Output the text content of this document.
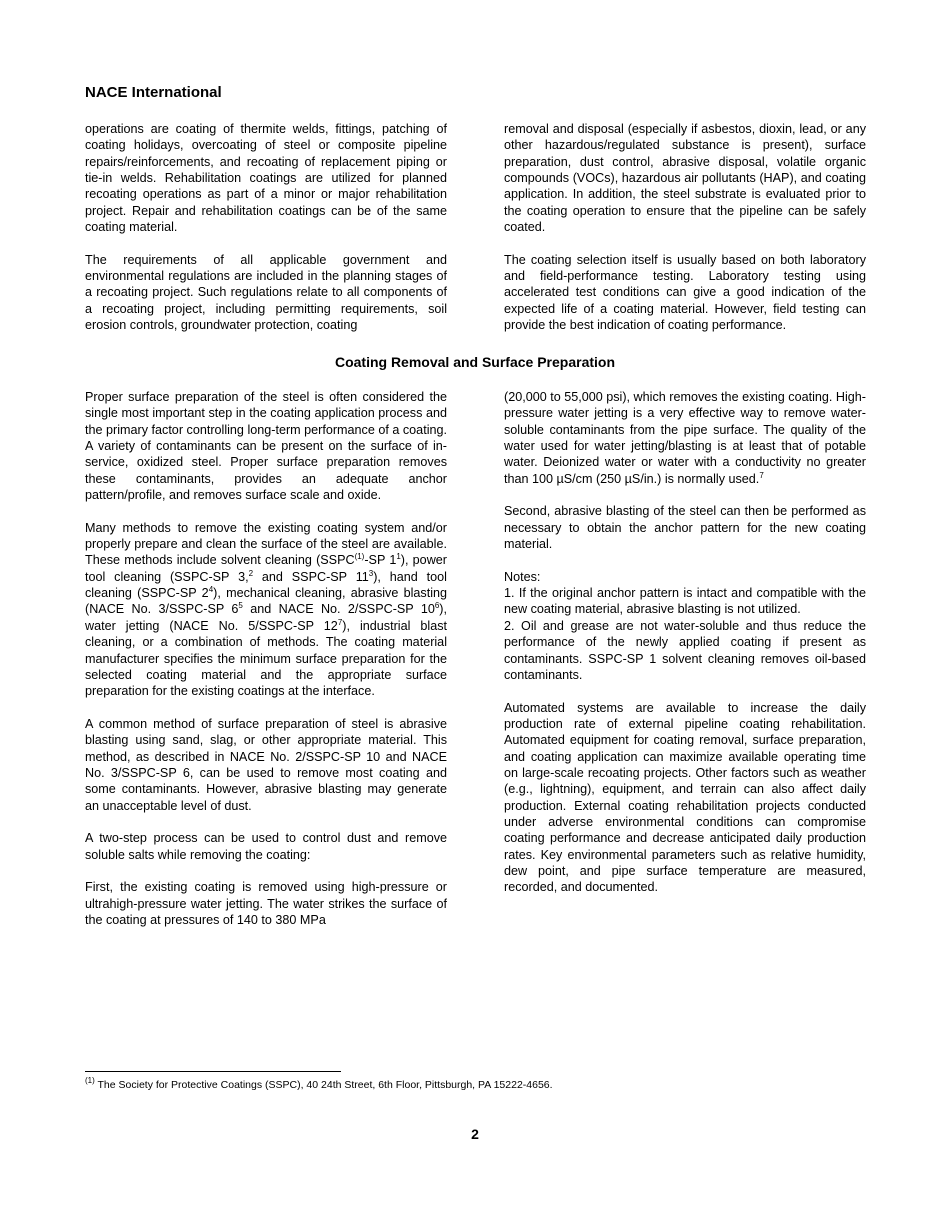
NACE International

operations are coating of thermite welds, fittings, patching of coating holidays, overcoating of steel or composite pipeline repairs/reinforcements, and recoating of replacement piping or tie-in welds. Rehabilitation coatings are utilized for planned recoating operations as part of a minor or major rehabilitation project. Repair and rehabilitation coatings can be of the same coating material.

The requirements of all applicable government and environmental regulations are included in the planning stages of a recoating project. Such regulations relate to all components of a recoating project, including permitting requirements, soil erosion controls, groundwater protection, coating

removal and disposal (especially if asbestos, dioxin, lead, or any other hazardous/regulated substance is present), surface preparation, dust control, abrasive disposal, volatile organic compounds (VOCs), hazardous air pollutants (HAP), and coating application. In addition, the steel substrate is evaluated prior to the coating operation to ensure that the pipeline can be safely coated.

The coating selection itself is usually based on both laboratory and field-performance testing. Laboratory testing using accelerated test conditions can give a good indication of the expected life of a coating material. However, field testing can provide the best indication of coating performance.

Coating Removal and Surface Preparation

Proper surface preparation of the steel is often considered the single most important step in the coating application process and the primary factor controlling long-term performance of a coating. A variety of contaminants can be present on the surface of in-service, oxidized steel. Proper surface preparation removes these contaminants, provides an adequate anchor pattern/profile, and removes surface scale and oxide.

Many methods to remove the existing coating system and/or properly prepare and clean the surface of the steel are available. These methods include solvent cleaning (SSPC$^{(1)}$-SP $1^1$), power tool cleaning (SSPC-SP 3,$^2$ and SSPC-SP $11^3$), hand tool cleaning (SSPC-SP $2^4$), mechanical cleaning, abrasive blasting (NACE No. 3/SSPC-SP $6^5$ and NACE No. 2/SSPC-SP $10^6$), water jetting (NACE No. 5/SSPC-SP $12^7$), industrial blast cleaning, or a combination of methods. The coating material manufacturer specifies the minimum surface preparation for the selected coating material and the appropriate surface preparation for the existing coatings at the interface.

A common method of surface preparation of steel is abrasive blasting using sand, slag, or other appropriate material. This method, as described in NACE No. 2/SSPC-SP 10 and NACE No. 3/SSPC-SP 6, can be used to remove most coating and some contaminants. However, abrasive blasting may generate an unacceptable level of dust.

A two-step process can be used to control dust and remove soluble salts while removing the coating:

First, the existing coating is removed using high-pressure or ultrahigh-pressure water jetting. The water strikes the surface of the coating at pressures of 140 to 380 MPa

(20,000 to 55,000 psi), which removes the existing coating. High-pressure water jetting is a very effective way to remove water-soluble contaminants from the pipe surface. The quality of the water used for water jetting/blasting is at least that of potable water. Deionized water or water with a conductivity no greater than 100 µS/cm (250 µS/in.) is normally used.$^7$

Second, abrasive blasting of the steel can then be performed as necessary to obtain the anchor pattern for the new coating material.

Notes:

1. If the original anchor pattern is intact and compatible with the new coating material, abrasive blasting is not utilized.

2. Oil and grease are not water-soluble and thus reduce the performance of the newly applied coating if present as contaminants. SSPC-SP 1 solvent cleaning removes oil-based contaminants.

Automated systems are available to increase the daily production rate of external pipeline coating rehabilitation. Automated equipment for coating removal, surface preparation, and coating application can maximize available operating time on large-scale recoating projects. Other factors such as weather (e.g., lightning), equipment, and terrain can also affect daily production. External coating rehabilitation projects conducted under adverse environmental conditions can compromise coating performance and decrease anticipated daily production rates. Key environmental parameters such as relative humidity, dew point, and pipe surface temperature are measured, recorded, and documented.

$^{(1)}$ The Society for Protective Coatings (SSPC), 40 24th Street, 6th Floor, Pittsburgh, PA 15222-4656.
2
